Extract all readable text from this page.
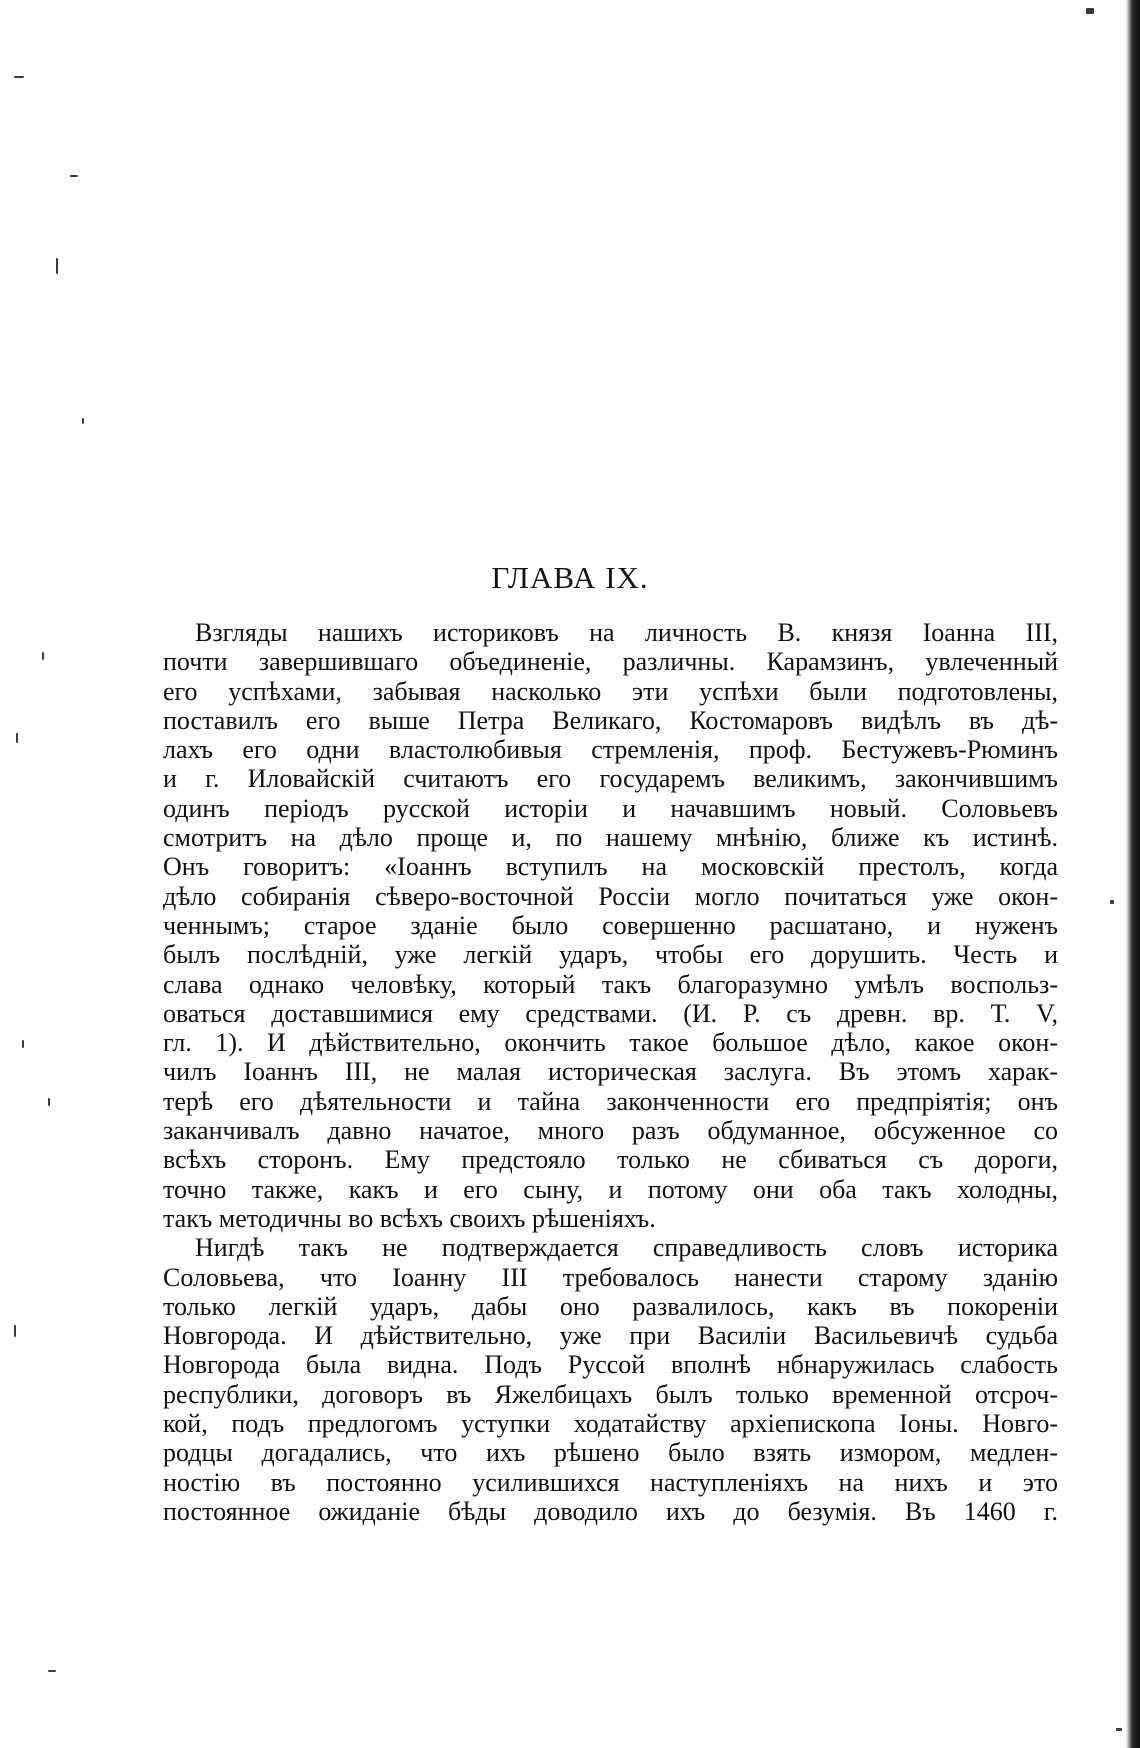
ГЛАВА IX.
Взгляды нашихъ историковъ на личность В. князя Іоанна III,
почти завершившаго объединеніе, различны. Карамзинъ, увлеченный
его успѣхами, забывая насколько эти успѣхи были подготовлены,
поставилъ его выше Петра Великаго, Костомаровъ видѣлъ въ дѣ-
лахъ его одни властолюбивыя стремленія, проф. Бестужевъ-Рюминъ
и г. Иловайскій считаютъ его государемъ великимъ, закончившимъ
одинъ періодъ русской исторіи и начавшимъ новый. Соловьевъ
смотритъ на дѣло проще и, по нашему мнѣнію, ближе къ истинѣ.
Онъ говоритъ: «Іоаннъ вступилъ на московскій престолъ, когда
дѣло собиранія сѣверо-восточной Россіи могло почитаться уже окон-
ченнымъ; старое зданіе было совершенно расшатано, и нуженъ
былъ послѣдній, уже легкій ударъ, чтобы его дорушить. Честь и
слава однако человѣку, который такъ благоразумно умѣлъ воспольз-
оваться доставшимися ему средствами. (И. Р. съ древн. вр. Т. V,
гл. 1). И дѣйствительно, окончить такое большое дѣло, какое окон-
чилъ Іоаннъ III, не малая историческая заслуга. Въ этомъ харак-
терѣ его дѣятельности и тайна законченности его предпріятія; онъ
заканчивалъ давно начатое, много разъ обдуманное, обсуженное со
всѣхъ сторонъ. Ему предстояло только не сбиваться съ дороги,
точно также, какъ и его сыну, и потому они оба такъ холодны,
такъ методичны во всѣхъ своихъ рѣшеніяхъ.
Нигдѣ такъ не подтверждается справедливость словъ историка
Соловьева, что Іоанну III требовалось нанести старому зданію
только легкій ударъ, дабы оно развалилось, какъ въ покореніи
Новгорода. И дѣйствительно, уже при Василіи Васильевичѣ судьба
Новгорода была видна. Подъ Руссой вполнѣ нбнаружилась слабость
республики, договоръ въ Яжелбицахъ былъ только временной отсроч-
кой, подъ предлогомъ уступки ходатайству архіепископа Іоны. Новго-
родцы догадались, что ихъ рѣшено было взять измором, медлен-
ностію въ постоянно усилившихся наступленіяхъ на нихъ и это
постоянное ожиданіе бѣды доводило ихъ до безумія. Въ 1460 г.
